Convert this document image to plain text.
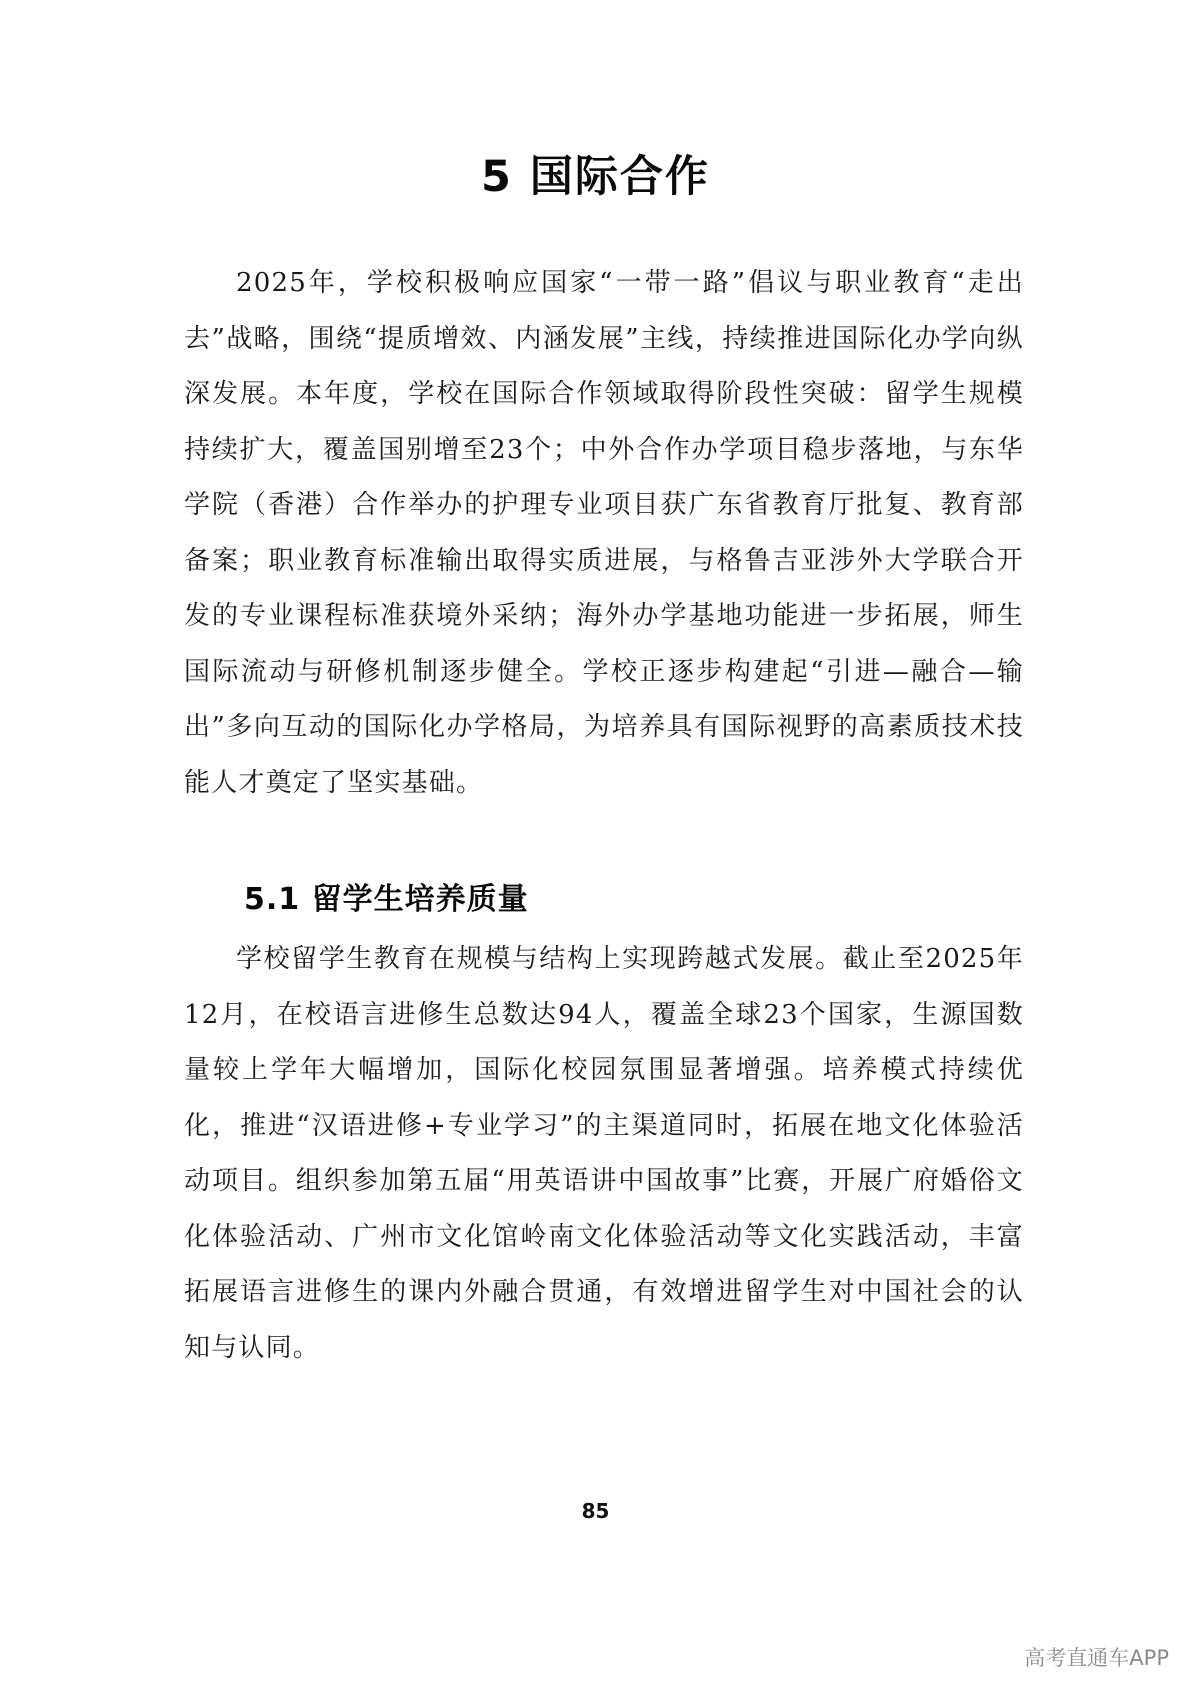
5 国际合作

2025年，学校积极响应国家“一带一路”倡议与职业教育“走出去”战略，围绕“提质增效、内涵发展”主线，持续推进国际化办学向纵深发展。本年度，学校在国际合作领域取得阶段性突破：留学生规模持续扩大，覆盖国别增至23个；中外合作办学项目稳步落地，与东华学院（香港）合作举办的护理专业项目获广东省教育厅批复、教育部备案；职业教育标准输出取得实质进展，与格鲁吉亚涉外大学联合开发的专业课程标准获境外采纳；海外办学基地功能进一步拓展，师生国际流动与研修机制逐步健全。学校正逐步构建起“引进—融合—输出”多向互动的国际化办学格局，为培养具有国际视野的高素质技术技能人才奠定了坚实基础。

5.1 留学生培养质量

学校留学生教育在规模与结构上实现跨越式发展。截止至2025年12月，在校语言进修生总数达94人，覆盖全球23个国家，生源国数量较上学年大幅增加，国际化校园氛围显著增强。培养模式持续优化，推进“汉语进修+专业学习”的主渠道同时，拓展在地文化体验活动项目。组织参加第五届“用英语讲中国故事”比赛，开展广府婚俗文化体验活动、广州市文化馆岭南文化体验活动等文化实践活动，丰富拓展语言进修生的课内外融合贯通，有效增进留学生对中国社会的认知与认同。

85
高考直通车APP
